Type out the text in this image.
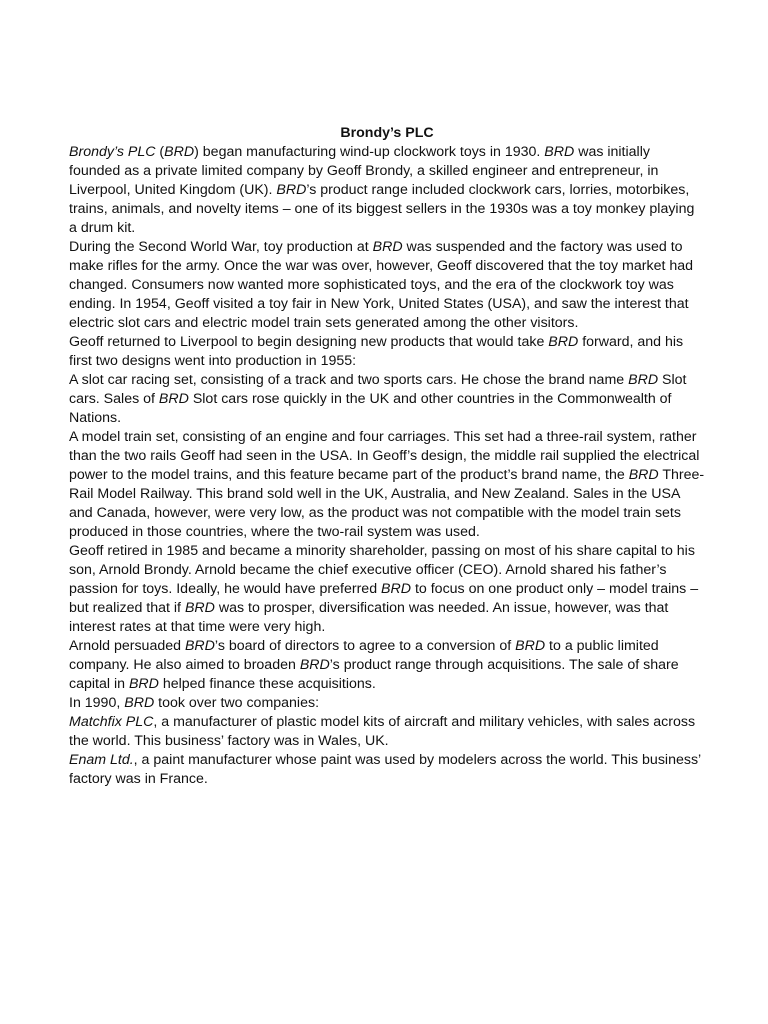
Brondy’s PLC

Brondy’s PLC (BRD) began manufacturing wind-up clockwork toys in 1930. BRD was initially founded as a private limited company by Geoff Brondy, a skilled engineer and entrepreneur, in Liverpool, United Kingdom (UK). BRD’s product range included clockwork cars, lorries, motorbikes, trains, animals, and novelty items – one of its biggest sellers in the 1930s was a toy monkey playing a drum kit.

During the Second World War, toy production at BRD was suspended and the factory was used to make rifles for the army. Once the war was over, however, Geoff discovered that the toy market had changed. Consumers now wanted more sophisticated toys, and the era of the clockwork toy was ending. In 1954, Geoff visited a toy fair in New York, United States (USA), and saw the interest that electric slot cars and electric model train sets generated among the other visitors.

Geoff returned to Liverpool to begin designing new products that would take BRD forward, and his first two designs went into production in 1955:

A slot car racing set, consisting of a track and two sports cars. He chose the brand name BRD Slot cars. Sales of BRD Slot cars rose quickly in the UK and other countries in the Commonwealth of Nations.

A model train set, consisting of an engine and four carriages. This set had a three-rail system, rather than the two rails Geoff had seen in the USA. In Geoff’s design, the middle rail supplied the electrical power to the model trains, and this feature became part of the product’s brand name, the BRD Three-Rail Model Railway. This brand sold well in the UK, Australia, and New Zealand. Sales in the USA and Canada, however, were very low, as the product was not compatible with the model train sets produced in those countries, where the two-rail system was used.

Geoff retired in 1985 and became a minority shareholder, passing on most of his share capital to his son, Arnold Brondy. Arnold became the chief executive officer (CEO). Arnold shared his father’s passion for toys. Ideally, he would have preferred BRD to focus on one product only – model trains – but realized that if BRD was to prosper, diversification was needed. An issue, however, was that interest rates at that time were very high.

Arnold persuaded BRD’s board of directors to agree to a conversion of BRD to a public limited company. He also aimed to broaden BRD’s product range through acquisitions. The sale of share capital in BRD helped finance these acquisitions.

In 1990, BRD took over two companies:

Matchfix PLC, a manufacturer of plastic model kits of aircraft and military vehicles, with sales across the world. This business’ factory was in Wales, UK.

Enam Ltd., a paint manufacturer whose paint was used by modelers across the world. This business’ factory was in France.
